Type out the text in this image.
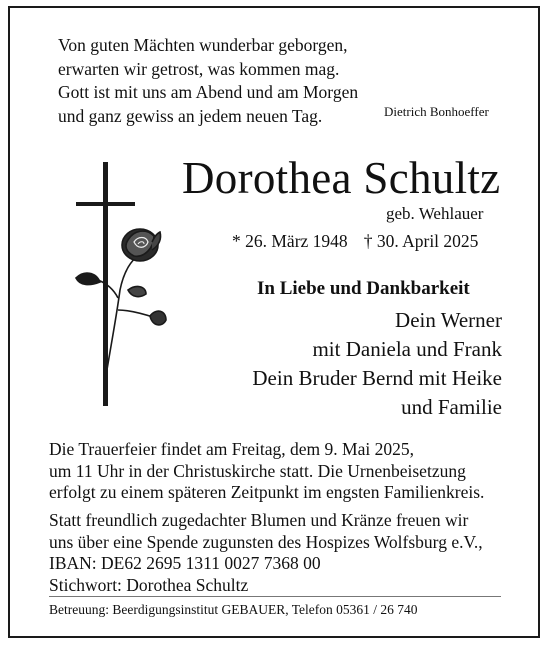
Von guten Mächten wunderbar geborgen,
erwarten wir getrost, was kommen mag.
Gott ist mit uns am Abend und am Morgen
und ganz gewiss an jedem neuen Tag.	Dietrich Bonhoeffer
Dorothea Schultz
geb. Wehlauer
* 26. März 1948 † 30. April 2025
In Liebe und Dankbarkeit
Dein Werner
mit Daniela und Frank
Dein Bruder Bernd mit Heike
und Familie
Die Trauerfeier findet am Freitag, dem 9. Mai 2025,
um 11 Uhr in der Christuskirche statt. Die Urnenbeisetzung
erfolgt zu einem späteren Zeitpunkt im engsten Familienkreis.
Statt freundlich zugedachter Blumen und Kränze freuen wir
uns über eine Spende zugunsten des Hospizes Wolfsburg e.V.,
IBAN: DE62 2695 1311 0027 7368 00
Stichwort: Dorothea Schultz
Betreuung: Beerdigungsinstitut GEBAUER, Telefon 05361 / 26 740
